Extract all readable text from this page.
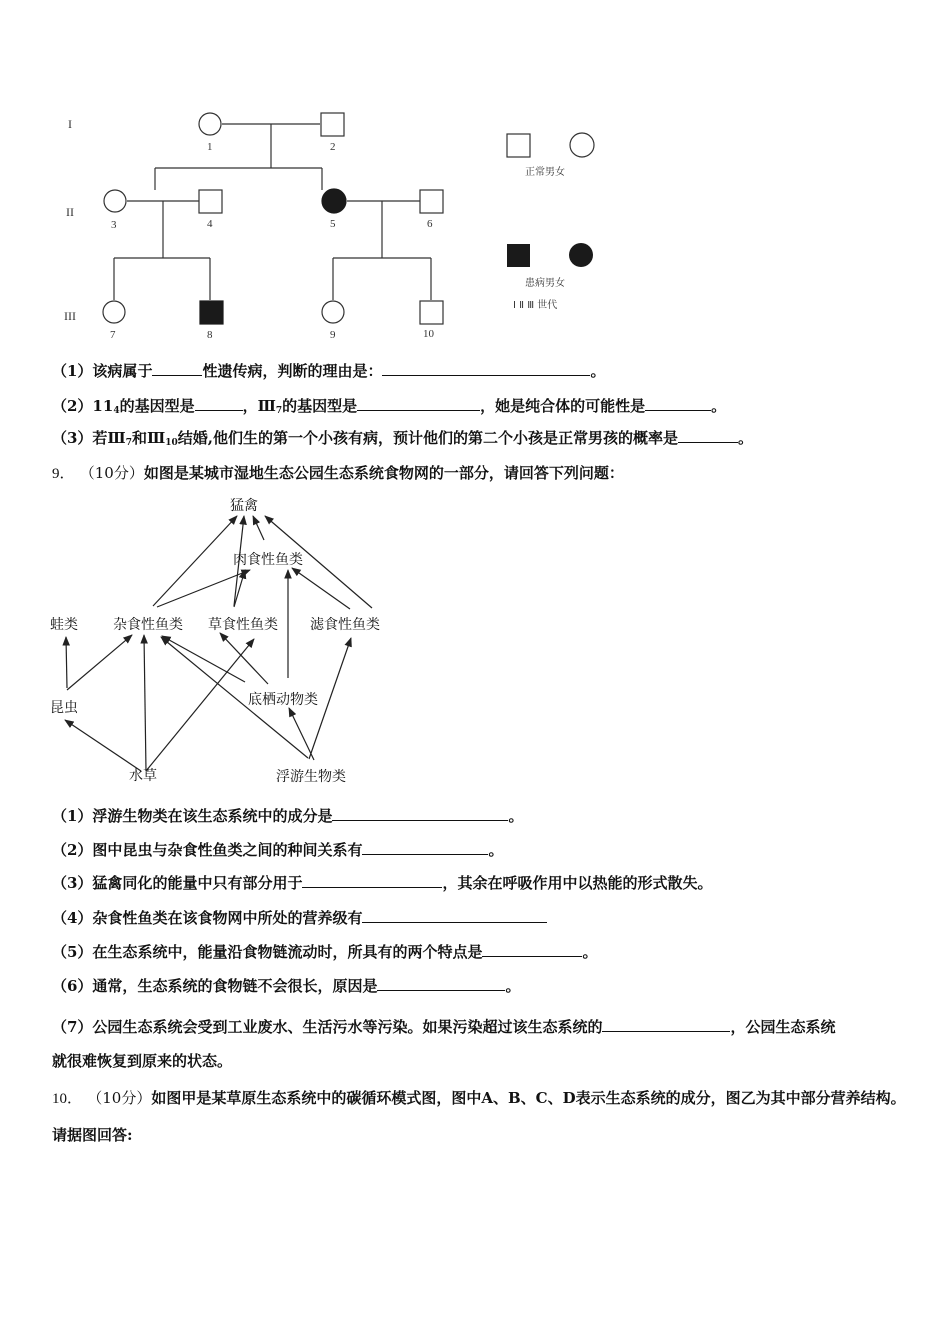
I
II
III
1	2
3	4	5	6
7	8	9	10
正常男女
患病男女
Ⅰ Ⅱ Ⅲ 世代
（1）该病属于	性遗传病，判断的理由是：	。
$(2)11_4$的基因型是	，$Ⅲ_7$的基因型是	，她是纯合体的可能性是	。
（3）若$Ⅲ_7$和$Ⅲ_{10}$结婚,他们生的第一个小孩有病，预计他们的第二个小孩是正常男孩的概率是	。
9． （10分）如图是某城市湿地生态公园生态系统食物网的一部分，请回答下列问题：
猛禽
肉食性鱼类
蛙类	杂食性鱼类 草食性鱼类 滤食性鱼类
底栖动物类
昆虫
水草	浮游生物类
（1）浮游生物类在该生态系统中的成分是	。
（2）图中昆虫与杂食性鱼类之间的种间关系有	。
（3）猛禽同化的能量中只有部分用于	，其余在呼吸作用中以热能的形式散失。
（4）杂食性鱼类在该食物网中所处的营养级有
（5）在生态系统中，能量沿食物链流动时，所具有的两个特点是	。
（6）通常，生态系统的食物链不会很长，原因是	。
（7）公园生态系统会受到工业废水、生活污水等污染。如果污染超过该生态系统的	，公园生态系统
就很难恢复到原来的状态。
10． （10分）如图甲是某草原生态系统中的碳循环模式图，图中A、B、C、D表示生态系统的成分，图乙为其中部分营养结构。请据图回答:
